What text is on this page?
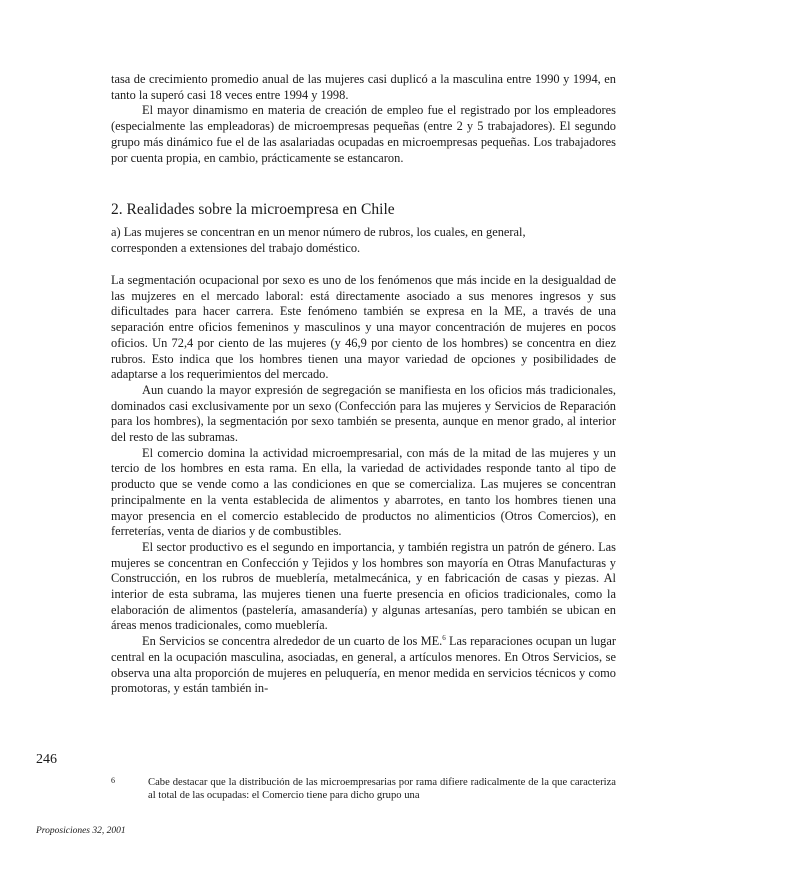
tasa de crecimiento promedio anual de las mujeres casi duplicó a la masculina entre 1990 y 1994, en tanto la superó casi 18 veces entre 1994 y 1998.

El mayor dinamismo en materia de creación de empleo fue el registrado por los empleadores (especialmente las empleadoras) de microempresas pequeñas (entre 2 y 5 trabajadores). El segundo grupo más dinámico fue el de las asalariadas ocupadas en microempresas pequeñas. Los trabajadores por cuenta propia, en cambio, prácticamente se estancaron.

2. Realidades sobre la microempresa en Chile

a) Las mujeres se concentran en un menor número de rubros, los cuales, en general, corresponden a extensiones del trabajo doméstico.

La segmentación ocupacional por sexo es uno de los fenómenos que más incide en la desigualdad de las mujzeres en el mercado laboral: está directamente asociado a sus menores ingresos y sus dificultades para hacer carrera. Este fenómeno también se expresa en la ME, a través de una separación entre oficios femeninos y masculinos y una mayor concentración de mujeres en pocos oficios. Un 72,4 por ciento de las mujeres (y 46,9 por ciento de los hombres) se concentra en diez rubros. Esto indica que los hombres tienen una mayor variedad de opciones y posibilidades de adaptarse a los requerimientos del mercado.

Aun cuando la mayor expresión de segregación se manifiesta en los oficios más tradicionales, dominados casi exclusivamente por un sexo (Confección para las mujeres y Servicios de Reparación para los hombres), la segmentación por sexo también se presenta, aunque en menor grado, al interior del resto de las subramas.

El comercio domina la actividad microempresarial, con más de la mitad de las mujeres y un tercio de los hombres en esta rama. En ella, la variedad de actividades responde tanto al tipo de producto que se vende como a las condiciones en que se comercializa. Las mujeres se concentran principalmente en la venta establecida de alimentos y abarrotes, en tanto los hombres tienen una mayor presencia en el comercio establecido de productos no alimenticios (Otros Comercios), en ferreterías, venta de diarios y de combustibles.

El sector productivo es el segundo en importancia, y también registra un patrón de género. Las mujeres se concentran en Confección y Tejidos y los hombres son mayoría en Otras Manufacturas y Construcción, en los rubros de mueblería, metalmecánica, y en fabricación de casas y piezas. Al interior de esta subrama, las mujeres tienen una fuerte presencia en oficios tradicionales, como la elaboración de alimentos (pastelería, amasandería) y algunas artesanías, pero también se ubican en áreas menos tradicionales, como mueblería.

En Servicios se concentra alrededor de un cuarto de los ME.$^6$ Las reparaciones ocupan un lugar central en la ocupación masculina, asociadas, en general, a artículos menores. En Otros Servicios, se observa una alta proporción de mujeres en peluquería, en menor medida en servicios técnicos y como promotoras, y están también in-

246
6	Cabe destacar que la distribución de las microempresarias por rama difiere radicalmente de la que caracteriza al total de las ocupadas: el Comercio tiene para dicho grupo una
Proposiciones 32, 2001
